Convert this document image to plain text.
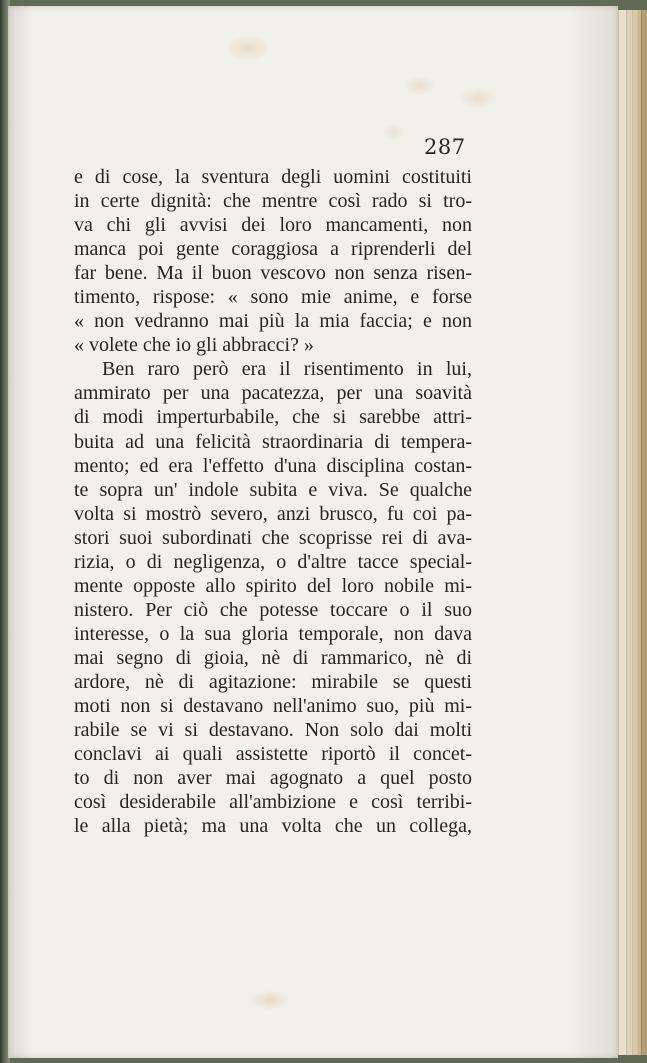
287
e di cose, la sventura degli uomini costituiti
in certe dignità: che mentre così rado si tro-
va chi gli avvisi dei loro mancamenti, non
manca poi gente coraggiosa a riprenderli del
far bene. Ma il buon vescovo non senza risen-
timento, rispose: « sono mie anime, e forse
« non vedranno mai più la mia faccia; e non
« volete che io gli abbracci? »
Ben raro però era il risentimento in lui,
ammirato per una pacatezza, per una soavità
di modi imperturbabile, che si sarebbe attri-
buita ad una felicità straordinaria di tempera-
mento; ed era l'effetto d'una disciplina costan-
te sopra un' indole subita e viva. Se qualche
volta si mostrò severo, anzi brusco, fu coi pa-
stori suoi subordinati che scoprisse rei di ava-
rizia, o di negligenza, o d'altre tacce special-
mente opposte allo spirito del loro nobile mi-
nistero. Per ciò che potesse toccare o il suo
interesse, o la sua gloria temporale, non dava
mai segno di gioia, nè di rammarico, nè di
ardore, nè di agitazione: mirabile se questi
moti non si destavano nell'animo suo, più mi-
rabile se vi si destavano. Non solo dai molti
conclavi ai quali assistette riportò il concet-
to di non aver mai agognato a quel posto
così desiderabile all'ambizione e così terribi-
le alla pietà; ma una volta che un collega,
